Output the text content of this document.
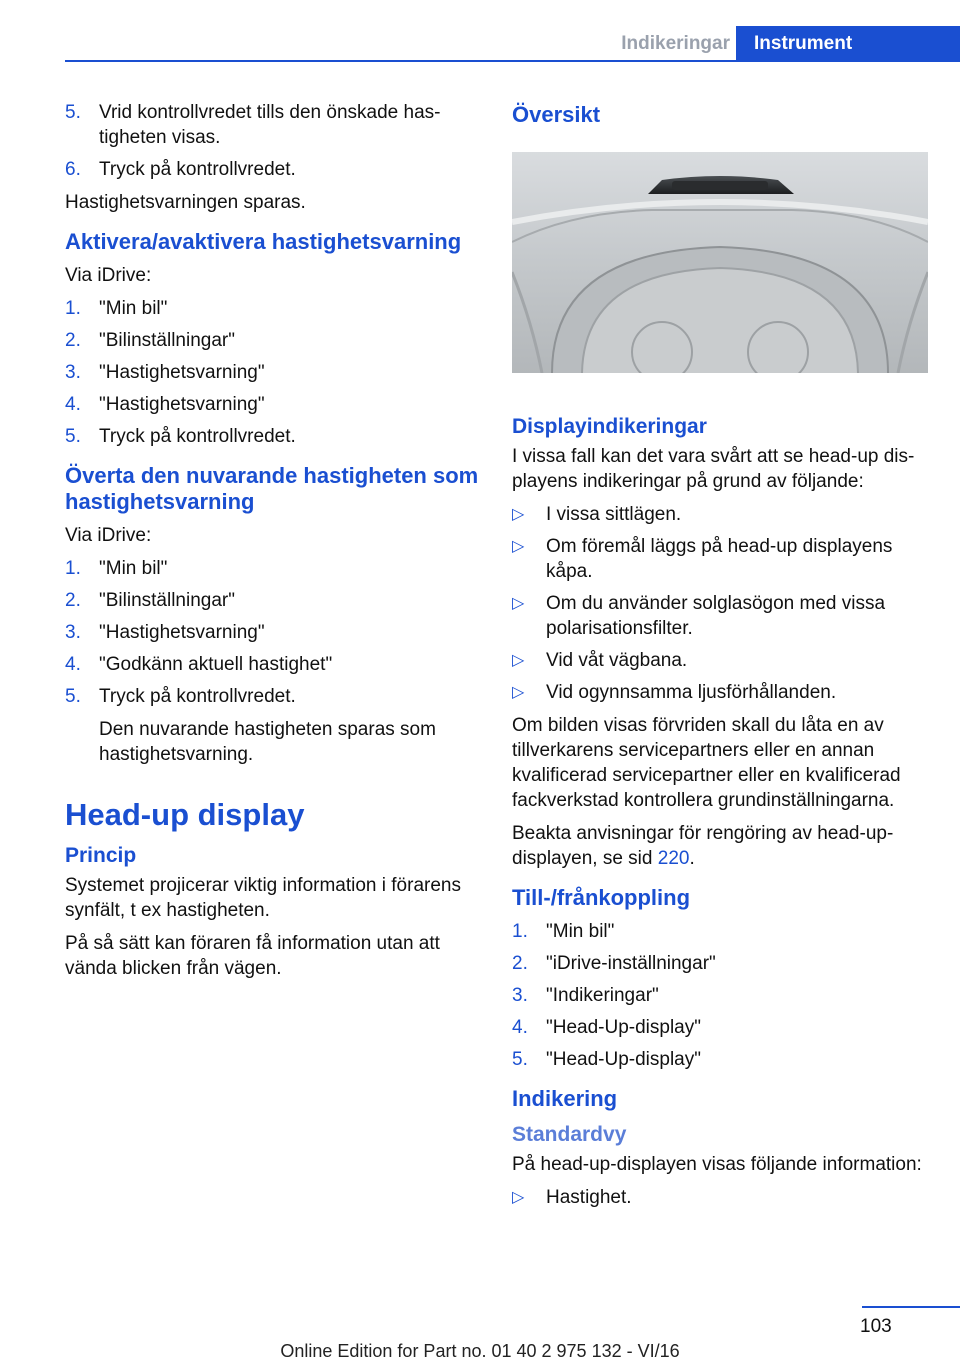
Indikeringar	Instrument
5. Vrid kontrollvredet tills den önskade hastigheten visas.
6. Tryck på kontrollvredet.

Hastighetsvarningen sparas.

Aktivera/avaktivera hastighetsvarning

Via iDrive:

1. "Min bil"
2. "Bilinställningar"
3. "Hastighetsvarning"
4. "Hastighetsvarning"
5. Tryck på kontrollvredet.
Överta den nuvarande hastigheten som hastighetsvarning

Via iDrive:

1. "Min bil"
2. "Bilinställningar"
3. "Hastighetsvarning"
4. "Godkänn aktuell hastighet"
5. Tryck på kontrollvredet.

Den nuvarande hastigheten sparas som hastighetsvarning.

Head-up display
Princip

Systemet projicerar viktig information i förarens synfält, t ex hastigheten.

På så sätt kan föraren få information utan att vända blicken från vägen.

Översikt
Displayindikeringar

I vissa fall kan det vara svårt att se head-up displayens indikeringar på grund av följande:

▷	I vissa sittlägen.
▷	Om föremål läggs på head-up displayens kåpa.
▷	Om du använder solglasögon med vissa polarisationsfilter.
▷	Vid våt vägbana.
▷	Vid ogynnsamma ljusförhållanden.

Om bilden visas förvriden skall du låta en av tillverkarens servicepartners eller en annan kvalificerad servicepartner eller en kvalificerad fackverkstad kontrollera grundinställningarna.

Beakta anvisningar för rengöring av head-up-displayen, se sid 220.

Till-/frånkoppling
1. "Min bil"
2. "iDrive-inställningar"
3. "Indikeringar"
4. "Head-Up-display"
5. "Head-Up-display"
Indikering
Standardvy

På head-up-displayen visas följande information:

▷	Hastighet.
103
Online Edition for Part no. 01 40 2 975 132 - VI/16
